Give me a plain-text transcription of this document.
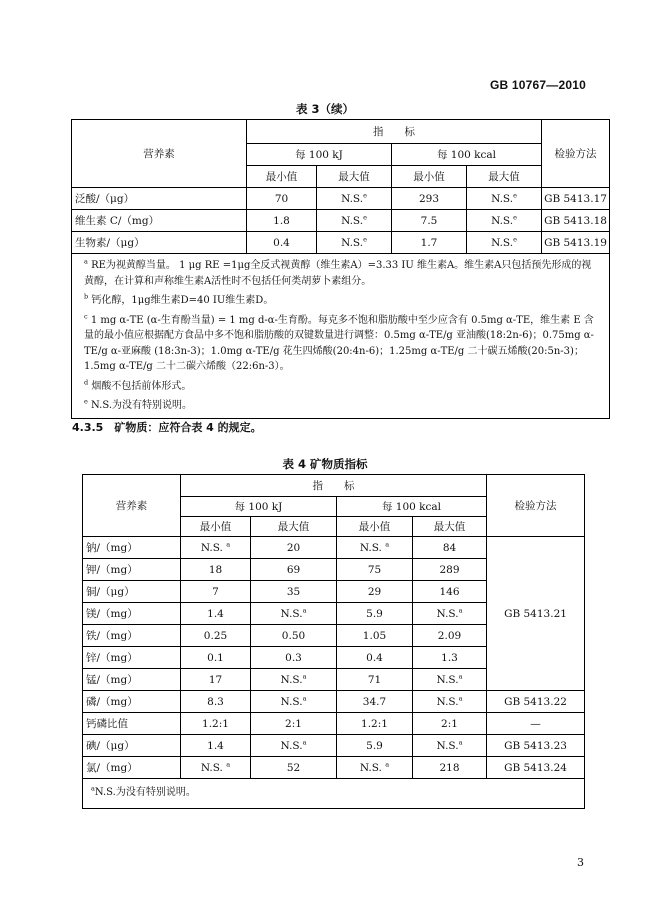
GB 10767—2010
表 3（续）
营养素	指　　标				检验方法
	每 100 kJ		每 100 kcal		
	最小值	最大值	最小值	最大值	
泛酸/（μg）	70	N.S.$^e$	293	N.S.$^e$	GB 5413.17
维生素 C/（mg）	1.8	N.S.$^e$	7.5	N.S.$^e$	GB 5413.18
生物素/（μg）	0.4	N.S.$^e$	1.7	N.S.$^e$	GB 5413.19

$^a$ RE为视黄醇当量。 1 μg RE =1μg全反式视黄醇（维生素A）=3.33 IU 维生素A。维生素A只包括预先形成的视黄醇，在计算和声称维生素A活性时不包括任何类胡萝卜素组分。
$^b$ 钙化醇，1μg维生素D=40 IU维生素D。
$^c$ 1 mg α-TE (α-生育酚当量) = 1 mg d-α-生育酚。每克多不饱和脂肪酸中至少应含有 0.5mg α-TE，维生素 E 含量的最小值应根据配方食品中多不饱和脂肪酸的双键数量进行调整：0.5mg α-TE/g 亚油酸(18:2n-6)；0.75mg α-TE/g α-亚麻酸 (18:3n-3)；1.0mg α-TE/g 花生四烯酸(20:4n-6)；1.25mg α-TE/g 二十碳五烯酸(20:5n-3)；1.5mg α-TE/g 二十二碳六烯酸（22:6n-3）。
$^d$ 烟酸不包括前体形式。
$^e$ N.S.为没有特别说明。					
4.3.5　矿物质：应符合表 4 的规定。
表 4 矿物质指标
营养素	指　　标				检验方法
	每 100 kJ		每 100 kcal		
	最小值	最大值	最小值	最大值	
钠/（mg）	N.S. $^a$	20	N.S. $^a$	84	GB 5413.21
钾/（mg）	18	69	75	289	
铜/（μg）	7	35	29	146	
镁/（mg）	1.4	N.S.$^a$	5.9	N.S.$^a$
铁/（mg）	0.25	0.50	1.05	2.09	
锌/（mg）	0.1	0.3	0.4	1.3	
锰/（mg）	17	N.S.$^a$	71	N.S.$^a$
磷/（mg）	8.3	N.S.$^a$	34.7	N.S.$^a$	GB 5413.22
钙磷比值	1.2:1	2:1	1.2:1	2:1	—
碘/（μg）	1.4	N.S.$^a$	5.9	N.S.$^a$	GB 5413.23
氯/（mg）	N.S. $^a$	52	N.S. $^a$	218	GB 5413.24
$^a$N.S.为没有特别说明。					
3
